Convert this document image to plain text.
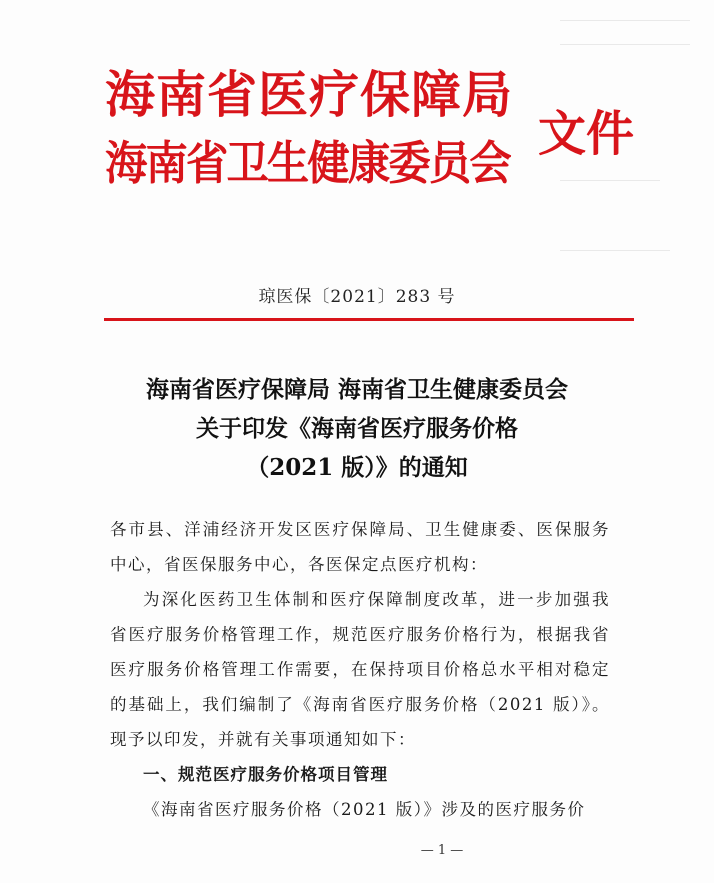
海南省医疗保障局
海南省卫生健康委员会
文件
琼医保〔2021〕283 号
海南省医疗保障局 海南省卫生健康委员会
关于印发《海南省医疗服务价格
（2021 版）》的通知

各市县、洋浦经济开发区医疗保障局、卫生健康委、医保服务中心，省医保服务中心，各医保定点医疗机构：

为深化医药卫生体制和医疗保障制度改革，进一步加强我省医疗服务价格管理工作，规范医疗服务价格行为，根据我省医疗服务价格管理工作需要，在保持项目价格总水平相对稳定的基础上，我们编制了《海南省医疗服务价格（2021 版）》。现予以印发，并就有关事项通知如下：

一、规范医疗服务价格项目管理

《海南省医疗服务价格（2021 版）》涉及的医疗服务价

— 1 —
